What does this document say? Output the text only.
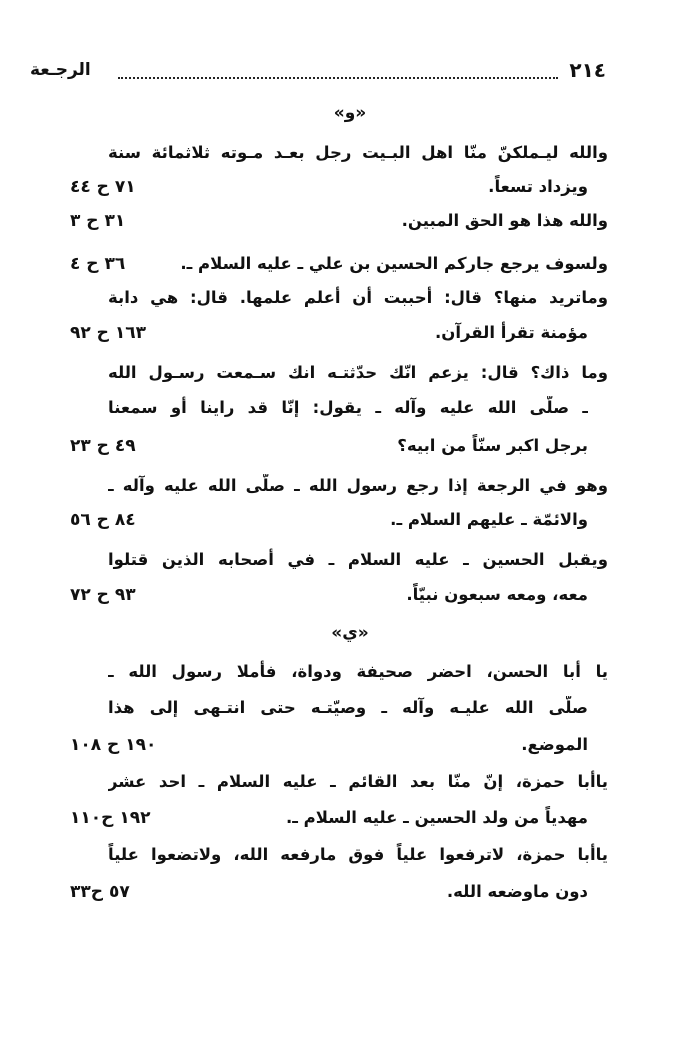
الرجـعة	٢١٤
«و»
والله ليـملكنّ منّا اهل البـيت رجل بعـد مـوته ثلاثمائة سنة
ويزداد تسعاً.
٧١ ح ٤٤
والله هذا هو الحق المبين.
٣١ ح ٣
ولسوف يرجع جاركم الحسين بن علي ـ عليه السلام ـ.
٣٦ ح ٤
وماتريد منها؟ قال: أحببت أن أعلم علمها. قال: هي دابة
مؤمنة تقرأ القرآن.
١٦٣ ح ٩٢
وما ذاك؟ قال: يزعم انّك حدّثتـه انك سـمعت رسـول الله
ـ صلّى الله عليه وآله ـ يقول: إنّا قد راينا أو سمعنا
برجل اكبر سنّاً من ابيه؟
٤٩ ح ٢٣
وهو في الرجعة إذا رجع رسول الله ـ صلّى الله عليه وآله ـ
والائمّة ـ عليهم السلام ـ.
٨٤ ح ٥٦
ويقبل الحسين ـ عليه السلام ـ في أصحابه الذين قتلوا
معه، ومعه سبعون نبيّاً.
٩٣ ح ٧٢
«ي»
يا أبا الحسن، احضر صحيفة ودواة، فأملا رسول الله ـ
صلّى الله عليـه وآله ـ وصيّتـه حتى انتـهى إلى هذا
الموضع.
١٩٠ ح ١٠٨
ياأبا حمزة، إنّ منّا بعد القائم ـ عليه السلام ـ احد عشر
مهدياً من ولد الحسين ـ عليه السلام ـ.
١٩٢ ح١١٠
ياأبا حمزة، لاترفعوا علياً فوق مارفعه الله، ولاتضعوا علياً
دون ماوضعه الله.
٥٧ ح٣٣
